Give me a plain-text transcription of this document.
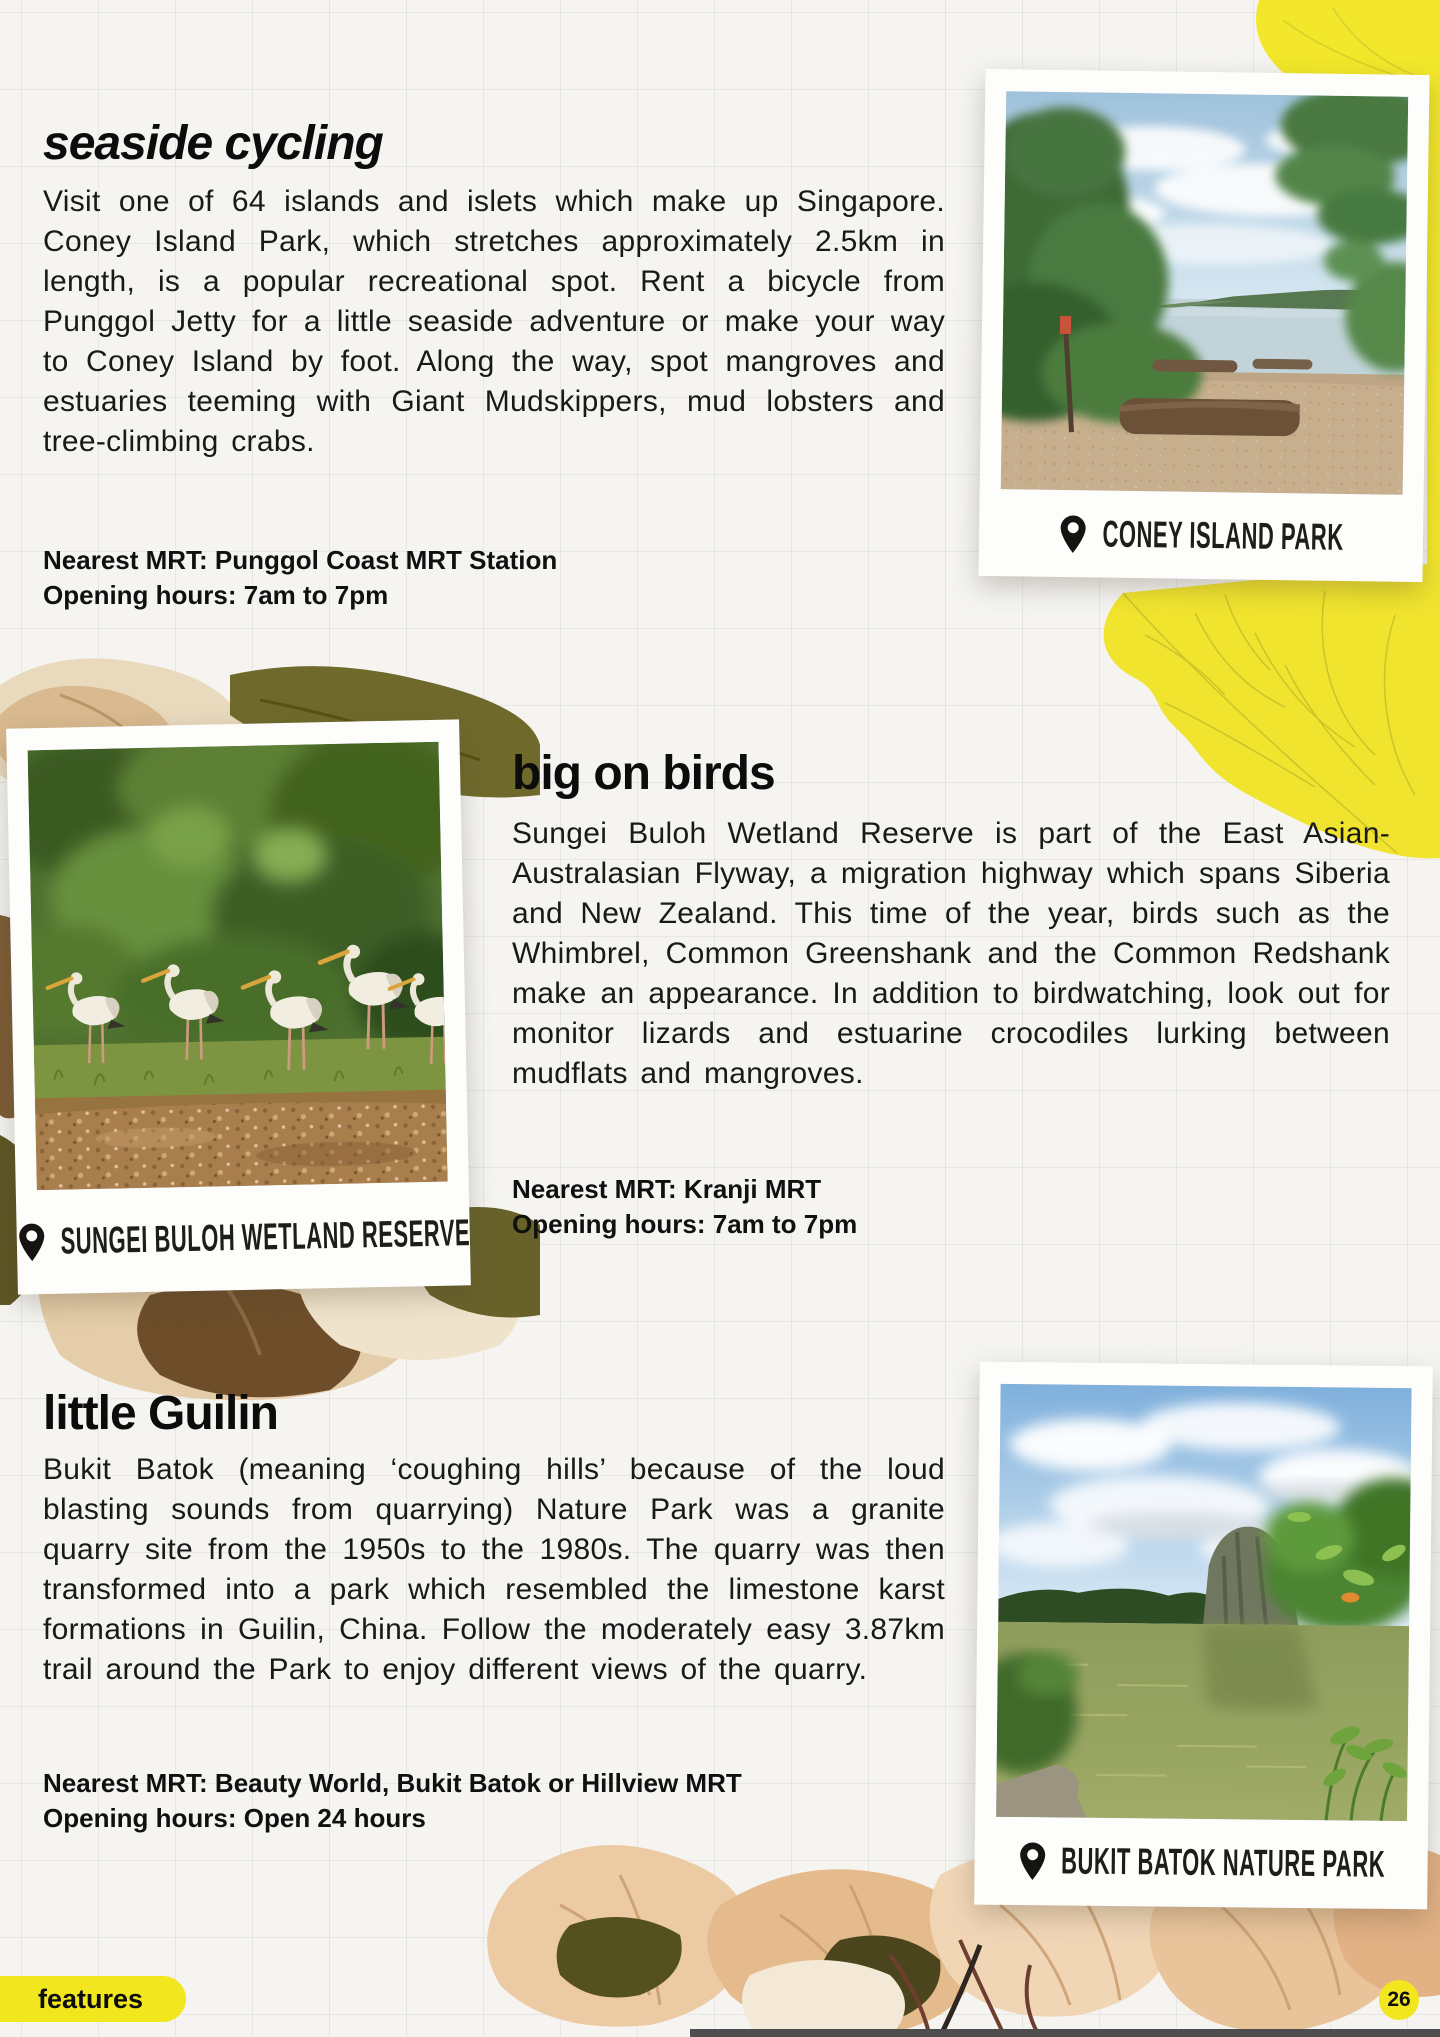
seaside cycling

Visit one of 64 islands and islets which make up Singapore. Coney Island Park, which stretches approximately 2.5km in length, is a popular recreational spot. Rent a bicycle from Punggol Jetty for a little seaside adventure or make your way to Coney Island by foot. Along the way, spot mangroves and estuaries teeming with Giant Mudskippers, mud lobsters and tree-climbing crabs.

Nearest MRT: Punggol Coast MRT Station
Opening hours: 7am to 7pm
CONEY ISLAND PARK
big on birds

Sungei Buloh Wetland Reserve is part of the East Asian-Australasian Flyway, a migration highway which spans Siberia and New Zealand. This time of the year, birds such as the Whimbrel, Common Greenshank and the Common Redshank make an appearance. In addition to birdwatching, look out for monitor lizards and estuarine crocodiles lurking between mudflats and mangroves.

Nearest MRT: Kranji MRT
Opening hours: 7am to 7pm
SUNGEI BULOH WETLAND RESERVE
little Guilin

Bukit Batok (meaning ‘coughing hills’ because of the loud blasting sounds from quarrying) Nature Park was a granite quarry site from the 1950s to the 1980s. The quarry was then transformed into a park which resembled the limestone karst formations in Guilin, China. Follow the moderately easy 3.87km trail around the Park to enjoy different views of the quarry.

Nearest MRT: Beauty World, Bukit Batok or Hillview MRT
Opening hours: Open 24 hours
BUKIT BATOK NATURE PARK
features	26
